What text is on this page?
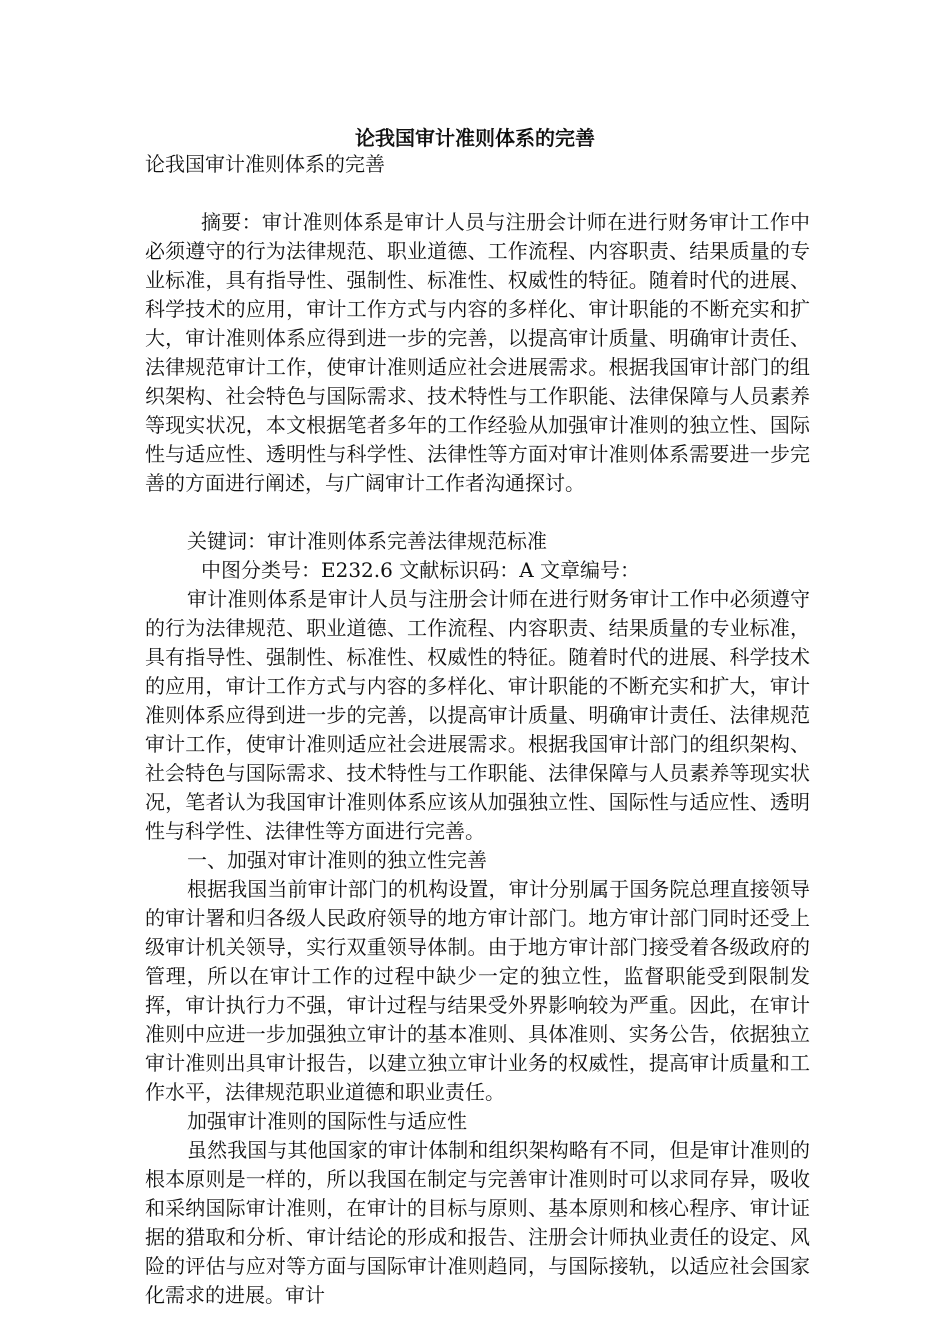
论我国审计准则体系的完善

论我国审计准则体系的完善

摘要：审计准则体系是审计人员与注册会计师在进行财务审计工作中必须遵守的行为法律规范、职业道德、工作流程、内容职责、结果质量的专业标准，具有指导性、强制性、标准性、权威性的特征。随着时代的进展、科学技术的应用，审计工作方式与内容的多样化、审计职能的不断充实和扩大，审计准则体系应得到进一步的完善，以提高审计质量、明确审计责任、法律规范审计工作，使审计准则适应社会进展需求。根据我国审计部门的组织架构、社会特色与国际需求、技术特性与工作职能、法律保障与人员素养等现实状况，本文根据笔者多年的工作经验从加强审计准则的独立性、国际性与适应性、透明性与科学性、法律性等方面对审计准则体系需要进一步完善的方面进行阐述，与广阔审计工作者沟通探讨。

关键词：审计准则体系完善法律规范标准

中图分类号：E232.6 文献标识码：A 文章编号：

审计准则体系是审计人员与注册会计师在进行财务审计工作中必须遵守的行为法律规范、职业道德、工作流程、内容职责、结果质量的专业标准，具有指导性、强制性、标准性、权威性的特征。随着时代的进展、科学技术的应用，审计工作方式与内容的多样化、审计职能的不断充实和扩大，审计准则体系应得到进一步的完善，以提高审计质量、明确审计责任、法律规范审计工作，使审计准则适应社会进展需求。根据我国审计部门的组织架构、社会特色与国际需求、技术特性与工作职能、法律保障与人员素养等现实状况，笔者认为我国审计准则体系应该从加强独立性、国际性与适应性、透明性与科学性、法律性等方面进行完善。

一、加强对审计准则的独立性完善

根据我国当前审计部门的机构设置，审计分别属于国务院总理直接领导的审计署和归各级人民政府领导的地方审计部门。地方审计部门同时还受上级审计机关领导，实行双重领导体制。由于地方审计部门接受着各级政府的管理，所以在审计工作的过程中缺少一定的独立性，监督职能受到限制发挥，审计执行力不强，审计过程与结果受外界影响较为严重。因此，在审计准则中应进一步加强独立审计的基本准则、具体准则、实务公告，依据独立审计准则出具审计报告，以建立独立审计业务的权威性，提高审计质量和工作水平，法律规范职业道德和职业责任。

加强审计准则的国际性与适应性

虽然我国与其他国家的审计体制和组织架构略有不同，但是审计准则的根本原则是一样的，所以我国在制定与完善审计准则时可以求同存异，吸收和采纳国际审计准则，在审计的目标与原则、基本原则和核心程序、审计证据的猎取和分析、审计结论的形成和报告、注册会计师执业责任的设定、风险的评估与应对等方面与国际审计准则趋同，与国际接轨，以适应社会国家化需求的进展。审计
